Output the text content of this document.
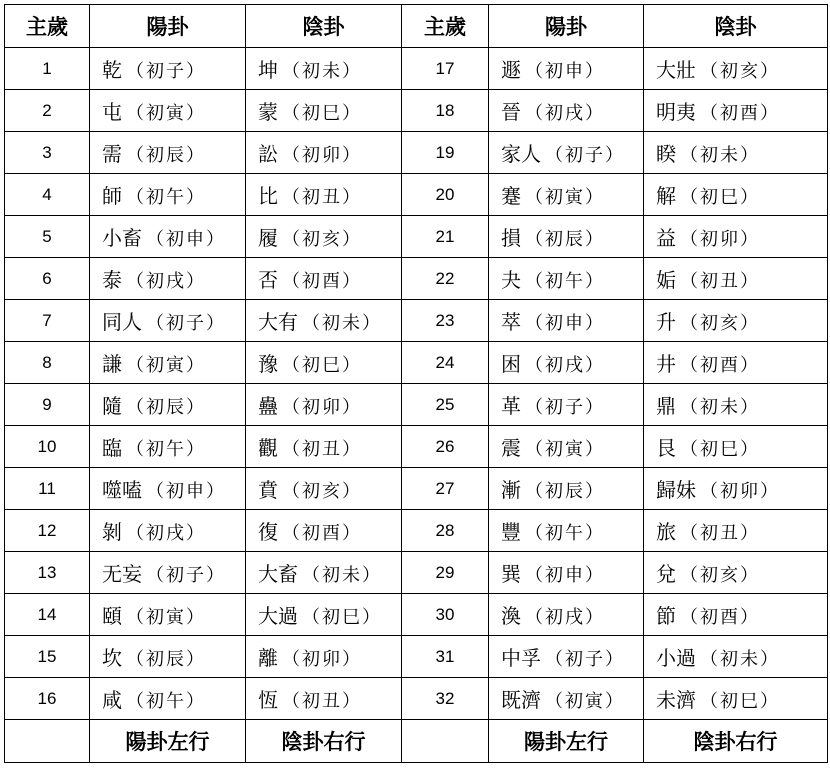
主歲	陽卦	陰卦	主歲	陽卦	陰卦
1	乾 （初子）	坤 （初未）	17	遯 （初申）	大壯 （初亥）
2	屯 （初寅）	蒙 （初巳）	18	晉 （初戌）	明夷 （初酉）
3	需 （初辰）	訟 （初卯）	19	家人 （初子）	睽 （初未）
4	師 （初午）	比 （初丑）	20	蹇 （初寅）	解 （初巳）
5	小畜 （初申）	履 （初亥）	21	損 （初辰）	益 （初卯）
6	泰 （初戌）	否 （初酉）	22	夬 （初午）	姤 （初丑）
7	同人 （初子）	大有 （初未）	23	萃 （初申）	升 （初亥）
8	謙 （初寅）	豫 （初巳）	24	困 （初戌）	井 （初酉）
9	隨 （初辰）	蠱 （初卯）	25	革 （初子）	鼎 （初未）
10	臨 （初午）	觀 （初丑）	26	震 （初寅）	艮 （初巳）
11	噬嗑 （初申）	賁 （初亥）	27	漸 （初辰）	歸妹 （初卯）
12	剝 （初戌）	復 （初酉）	28	豐 （初午）	旅 （初丑）
13	无妄 （初子）	大畜 （初未）	29	巽 （初申）	兌 （初亥）
14	頤 （初寅）	大過 （初巳）	30	渙 （初戌）	節 （初酉）
15	坎 （初辰）	離 （初卯）	31	中孚 （初子）	小過 （初未）
16	咸 （初午）	恆 （初丑）	32	既濟 （初寅）	未濟 （初巳）
	陽卦左行	陰卦右行		陽卦左行	陰卦右行
